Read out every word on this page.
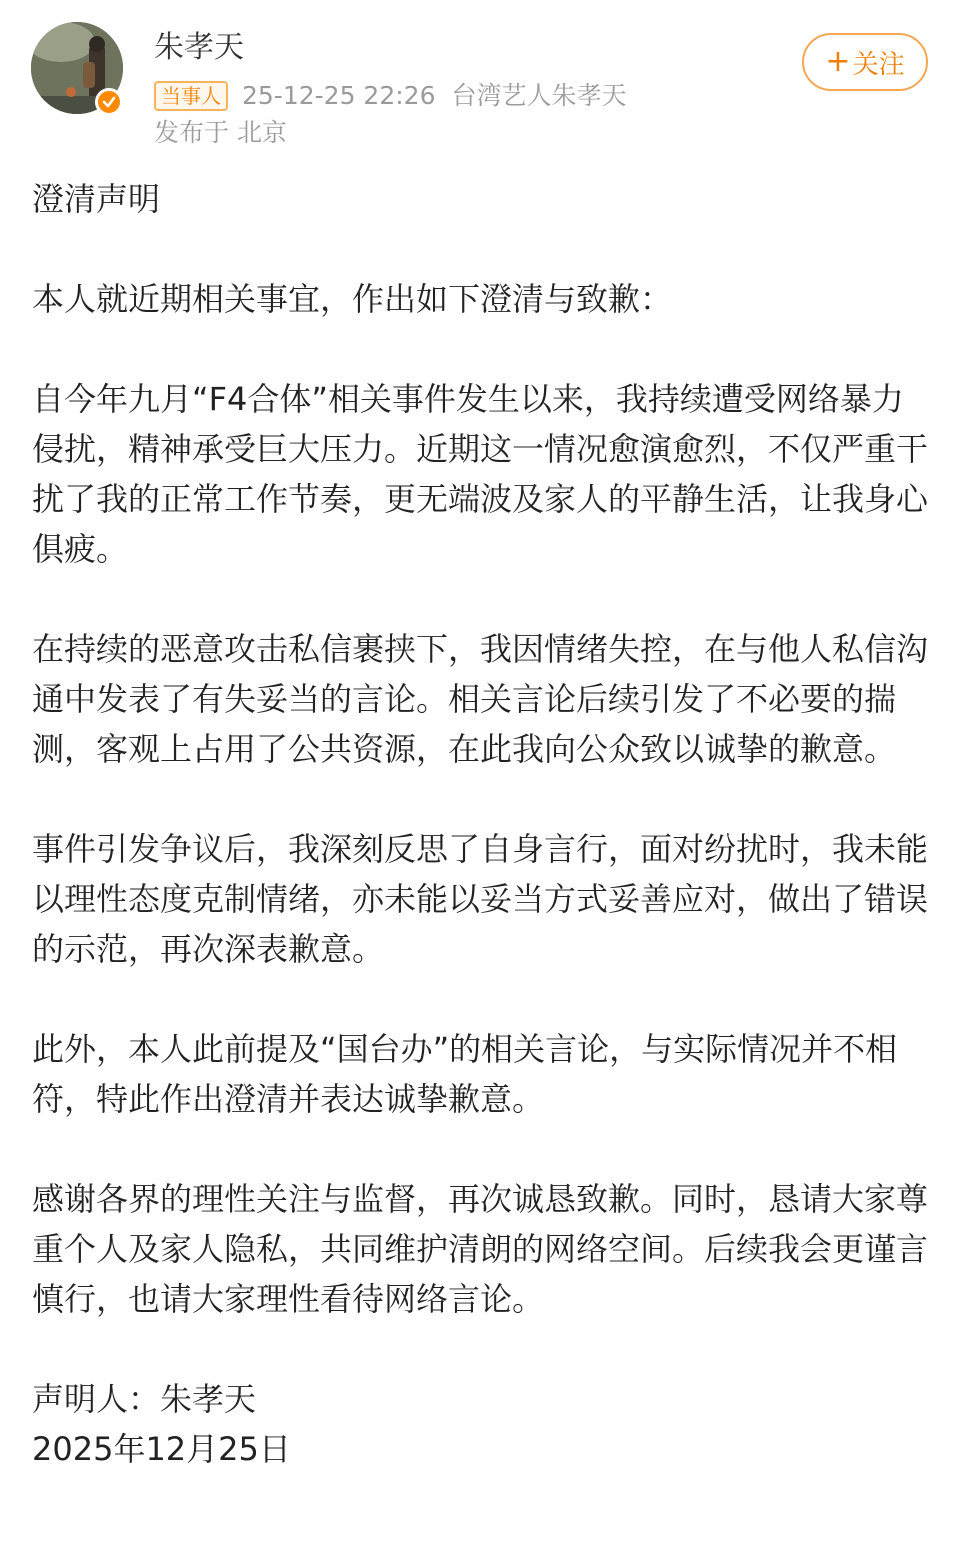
朱孝天
当事人 25-12-25 22:26 台湾艺人朱孝天
发布于 北京
+ 关注

澄清声明

本人就近期相关事宜，作出如下澄清与致歉：

自今年九月“F4合体”相关事件发生以来，我持续遭受网络暴力侵扰，精神承受巨大压力。近期这一情况愈演愈烈，不仅严重干扰了我的正常工作节奏，更无端波及家人的平静生活，让我身心俱疲。

在持续的恶意攻击私信裹挟下，我因情绪失控，在与他人私信沟通中发表了有失妥当的言论。相关言论后续引发了不必要的揣测，客观上占用了公共资源，在此我向公众致以诚挚的歉意。

事件引发争议后，我深刻反思了自身言行，面对纷扰时，我未能以理性态度克制情绪，亦未能以妥当方式妥善应对，做出了错误的示范，再次深表歉意。

此外，本人此前提及“国台办”的相关言论，与实际情况并不相符，特此作出澄清并表达诚挚歉意。

感谢各界的理性关注与监督，再次诚恳致歉。同时，恳请大家尊重个人及家人隐私，共同维护清朗的网络空间。后续我会更谨言慎行，也请大家理性看待网络言论。

声明人：朱孝天
2025年12月25日
